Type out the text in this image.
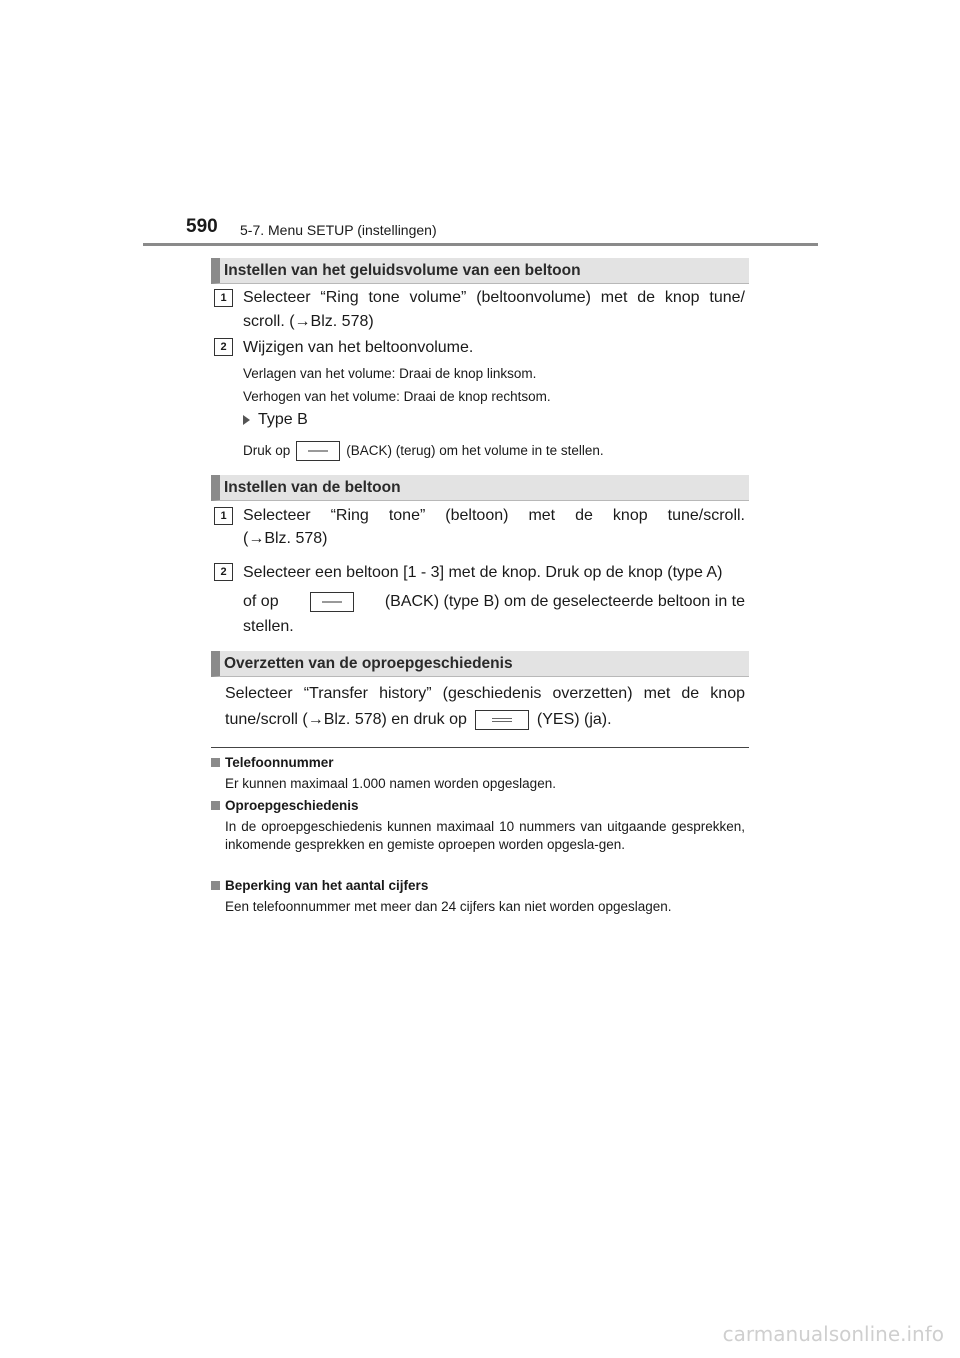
590 5-7. Menu SETUP (instellingen)
Instellen van het geluidsvolume van een beltoon
1	Selecteer “Ring tone volume” (beltoonvolume) met de knop tune/
scroll. (→Blz. 578)
2	Wijzigen van het beltoonvolume.
Verlagen van het volume: Draai de knop linksom.
Verhogen van het volume: Draai de knop rechtsom.
Type B
Druk op	(BACK) (terug) om het volume in te stellen.
Instellen van de beltoon
1	Selecteer “Ring tone” (beltoon) met de knop tune/scroll.
(→Blz. 578)
2	Selecteer een beltoon [1 - 3] met de knop. Druk op de knop (type A)
of op	(BACK) (type B) om de geselecteerde beltoon in te
stellen.
Overzetten van de oproepgeschiedenis
Selecteer “Transfer history” (geschiedenis overzetten) met de knop
tune/scroll (→Blz. 578) en druk op	(YES) (ja).
Telefoonnummer
Er kunnen maximaal 1.000 namen worden opgeslagen.
Oproepgeschiedenis
In de oproepgeschiedenis kunnen maximaal 10 nummers van uitgaande gesprekken, inkomende gesprekken en gemiste oproepen worden opgesla-gen.
Beperking van het aantal cijfers
Een telefoonnummer met meer dan 24 cijfers kan niet worden opgeslagen.
carmanualsonline.info
